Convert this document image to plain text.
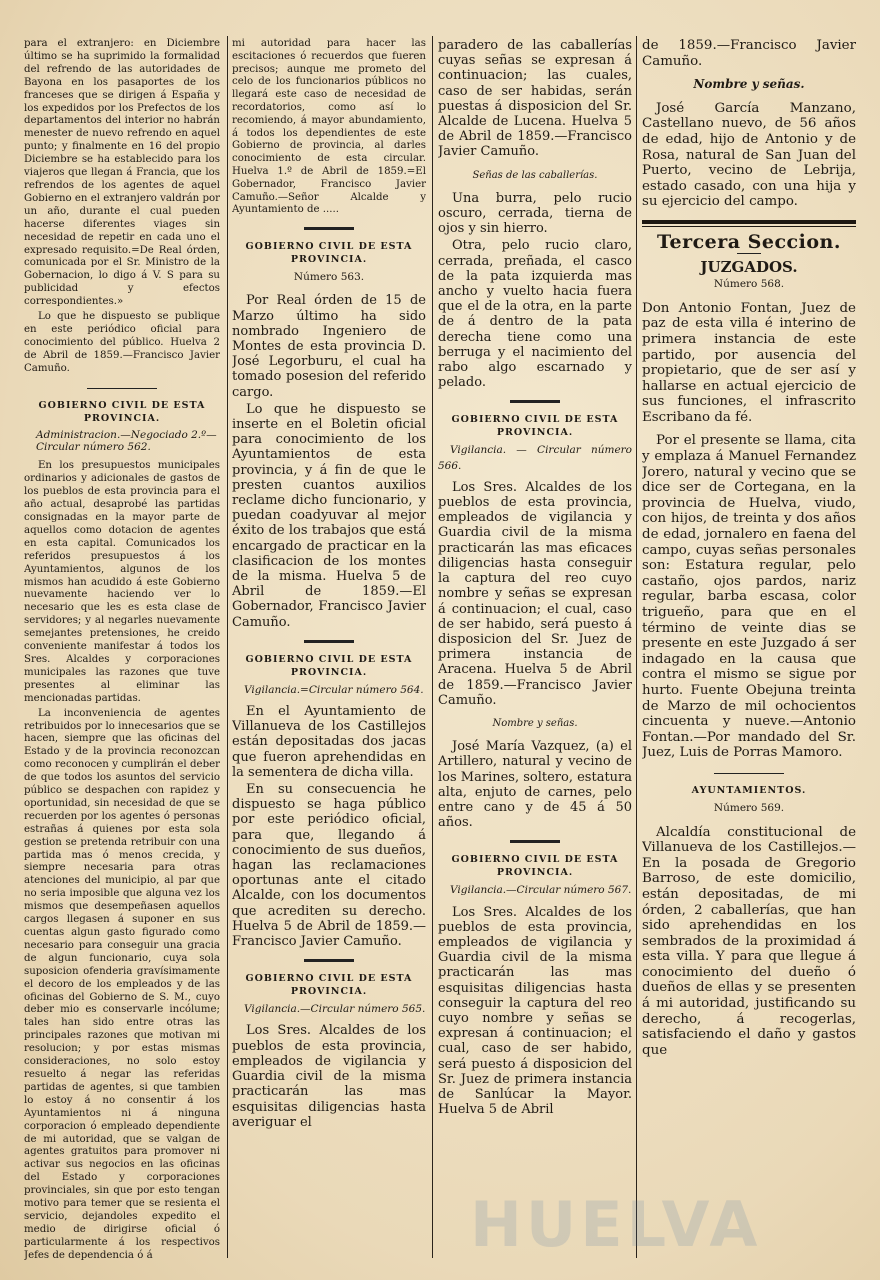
para el extranjero: en Diciembre último se ha suprimido la formalidad del refrendo de las autoridades de Bayona en los pasaportes de los franceses que se dirigen á España y los expedidos por los Prefectos de los departamentos del interior no habrán menester de nuevo refrendo en aquel punto; y finalmente en 16 del propio Diciembre se ha establecido para los viajeros que llegan á Francia, que los refrendos de los agentes de aquel Gobierno en el extranjero valdrán por un año, durante el cual pueden hacerse diferentes viages sin necesidad de repetir en cada uno el expresado requisito.=De Real órden, comunicada por el Sr. Ministro de la Gobernacion, lo digo á V. S para su publicidad y efectos correspondientes.»

Lo que he dispuesto se publique en este periódico oficial para conocimiento del público. Huelva 2 de Abril de 1859.—Francisco Javier Camuño.

GOBIERNO CIVIL DE ESTA PROVINCIA.
Administracion.—Negociado 2.º—
Circular número 562.

En los presupuestos municipales ordinarios y adicionales de gastos de los pueblos de esta provincia para el año actual, desaprobé las partidas consignadas en la mayor parte de aquellos como dotacion de agentes en esta capital. Comunicados los referidos presupuestos á los Ayuntamientos, algunos de los mismos han acudido á este Gobierno nuevamente haciendo ver lo necesario que les es esta clase de servidores; y al negarles nuevamente semejantes pretensiones, he creido conveniente manifestar á todos los Sres. Alcaldes y corporaciones municipales las razones que tuve presentes al eliminar las mencionadas partidas.

La inconveniencia de agentes retribuidos por lo innecesarios que se hacen, siempre que las oficinas del Estado y de la provincia reconozcan como reconocen y cumplirán el deber de que todos los asuntos del servicio público se despachen con rapidez y oportunidad, sin necesidad de que se recuerden por los agentes ó personas estrañas á quienes por esta sola gestion se pretenda retribuir con una partida mas ó menos crecida, y siempre necesaria para otras atenciones del municipio, al par que no seria imposible que alguna vez los mismos que desempeñasen aquellos cargos llegasen á suponer en sus cuentas algun gasto figurado como necesario para conseguir una gracia de algun funcionario, cuya sola suposicion ofenderia gravísimamente el decoro de los empleados y de las oficinas del Gobierno de S. M., cuyo deber mio es conservarle incólume; tales han sido entre otras las principales razones que motivan mi resolucion; y por estas mismas consideraciones, no solo estoy resuelto á negar las referidas partidas de agentes, si que tambien lo estoy á no consentir á los Ayuntamientos ni á ninguna corporacion ó empleado dependiente de mi autoridad, que se valgan de agentes gratuitos para promover ni activar sus negocios en las oficinas del Estado y corporaciones provinciales, sin que por esto tengan motivo para temer que se resienta el servicio, dejandoles expedito el medio de dirigirse oficial ó particularmente á los respectivos Jefes de dependencia ó á

mi autoridad para hacer las escitaciones ó recuerdos que fueren precisos; aunque me prometo del celo de los funcionarios públicos no llegará este caso de necesidad de recordatorios, como así lo recomiendo, á mayor abundamiento, á todos los dependientes de este Gobierno de provincia, al darles conocimiento de esta circular. Huelva 1.º de Abril de 1859.=El Gobernador, Francisco Javier Camuño.—Señor Alcalde y Ayuntamiento de .....

GOBIERNO CIVIL DE ESTA PROVINCIA.
Número 563.

Por Real órden de 15 de Marzo último ha sido nombrado Ingeniero de Montes de esta provincia D. José Legorburu, el cual ha tomado posesion del referido cargo.

Lo que he dispuesto se inserte en el Boletin oficial para conocimiento de los Ayuntamientos de esta provincia, y á fin de que le presten cuantos auxilios reclame dicho funcionario, y puedan coadyuvar al mejor éxito de los trabajos que está encargado de practicar en la clasificacion de los montes de la misma. Huelva 5 de Abril de 1859.—El Gobernador, Francisco Javier Camuño.

GOBIERNO CIVIL DE ESTA PROVINCIA.
Vigilancia.=Circular número 564.

En el Ayuntamiento de Villanueva de los Castillejos están depositadas dos jacas que fueron aprehendidas en la sementera de dicha villa.

En su consecuencia he dispuesto se haga público por este periódico oficial, para que, llegando á conocimiento de sus dueños, hagan las reclamaciones oportunas ante el citado Alcalde, con los documentos que acrediten su derecho. Huelva 5 de Abril de 1859.—Francisco Javier Camuño.

GOBIERNO CIVIL DE ESTA PROVINCIA.
Vigilancia.—Circular número 565.

Los Sres. Alcaldes de los pueblos de esta provincia, empleados de vigilancia y Guardia civil de la misma practicarán las mas esquisitas diligencias hasta averiguar el

paradero de las caballerías cuyas señas se expresan á continuacion; las cuales, caso de ser habidas, serán puestas á disposicion del Sr. Alcalde de Lucena. Huelva 5 de Abril de 1859.—Francisco Javier Camuño.

Señas de las caballerías.

Una burra, pelo rucio oscuro, cerrada, tierna de ojos y sin hierro.

Otra, pelo rucio claro, cerrada, preñada, el casco de la pata izquierda mas ancho y vuelto hacia fuera que el de la otra, en la parte de á dentro de la pata derecha tiene como una berruga y el nacimiento del rabo algo escarnado y pelado.

GOBIERNO CIVIL DE ESTA PROVINCIA.
Vigilancia. — Circular número 566.

Los Sres. Alcaldes de los pueblos de esta provincia, empleados de vigilancia y Guardia civil de la misma practicarán las mas eficaces diligencias hasta conseguir la captura del reo cuyo nombre y señas se expresan á continuacion; el cual, caso de ser habido, será puesto á disposicion del Sr. Juez de primera instancia de Aracena. Huelva 5 de Abril de 1859.—Francisco Javier Camuño.

Nombre y señas.

José María Vazquez, (a) el Artillero, natural y vecino de los Marines, soltero, estatura alta, enjuto de carnes, pelo entre cano y de 45 á 50 años.

GOBIERNO CIVIL DE ESTA PROVINCIA.
Vigilancia.—Circular número 567.

Los Sres. Alcaldes de los pueblos de esta provincia, empleados de vigilancia y Guardia civil de la misma practicarán las mas esquisitas diligencias hasta conseguir la captura del reo cuyo nombre y señas se expresan á continuacion; el cual, caso de ser habido, será puesto á disposicion del Sr. Juez de primera instancia de Sanlúcar la Mayor. Huelva 5 de Abril

de 1859.—Francisco Javier Camuño.

Nombre y señas.

José García Manzano, Castellano nuevo, de 56 años de edad, hijo de Antonio y de Rosa, natural de San Juan del Puerto, vecino de Lebrija, estado casado, con una hija y su ejercicio del campo.

Tercera Seccion.
JUZGADOS.
Número 568.

Don Antonio Fontan, Juez de paz de esta villa é interino de primera instancia de este partido, por ausencia del propietario, que de ser así y hallarse en actual ejercicio de sus funciones, el infrascrito Escribano da fé.

Por el presente se llama, cita y emplaza á Manuel Fernandez Jorero, natural y vecino que se dice ser de Cortegana, en la provincia de Huelva, viudo, con hijos, de treinta y dos años de edad, jornalero en faena del campo, cuyas señas personales son: Estatura regular, pelo castaño, ojos pardos, nariz regular, barba escasa, color trigueño, para que en el término de veinte dias se presente en este Juzgado á ser indagado en la causa que contra el mismo se sigue por hurto. Fuente Obejuna treinta de Marzo de mil ochocientos cincuenta y nueve.—Antonio Fontan.—Por mandado del Sr. Juez, Luis de Porras Mamoro.

AYUNTAMIENTOS.
Número 569.

Alcaldía constitucional de Villanueva de los Castillejos.—En la posada de Gregorio Barroso, de este domicilio, están depositadas, de mi órden, 2 caballerías, que han sido aprehendidas en los sembrados de la proximidad á esta villa. Y para que llegue á conocimiento del dueño ó dueños de ellas y se presenten á mi autoridad, justificando su derecho, á recogerlas, satisfaciendo el daño y gastos que

HUELVA
